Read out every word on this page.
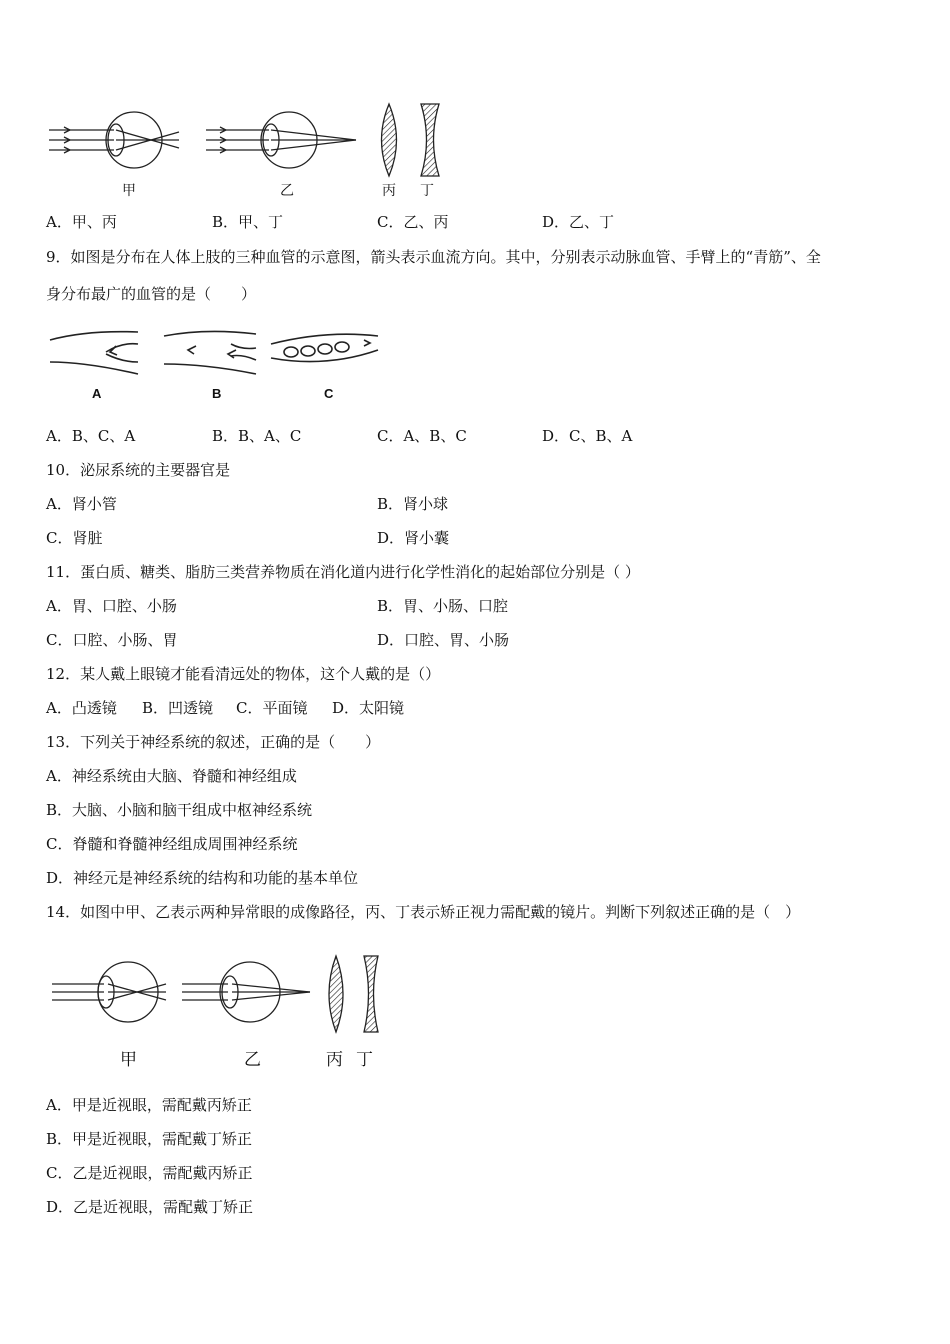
甲	乙	丙 丁
A．甲、丙	B．甲、丁	C．乙、丙	D．乙、丁
9．如图是分布在人体上肢的三种血管的示意图，箭头表示血流方向。其中，分别表示动脉血管、手臂上的“青筋”、全
身分布最广的血管的是（　　）
A	B	C
A．B、C、A	B．B、A、C	C．A、B、C	D．C、B、A
10．泌尿系统的主要器官是
A．肾小管	B．肾小球
C．肾脏	D．肾小囊
11．蛋白质、糖类、脂肪三类营养物质在消化道内进行化学性消化的起始部位分别是（ ）
A．胃、口腔、小肠	B．胃、小肠、口腔
C．口腔、小肠、胃	D．口腔、胃、小肠
12．某人戴上眼镜才能看清远处的物体，这个人戴的是（）
A．凸透镜 B．凹透镜 C．平面镜 D．太阳镜
13．下列关于神经系统的叙述，正确的是（　　）
A．神经系统由大脑、脊髓和神经组成
B．大脑、小脑和脑干组成中枢神经系统
C．脊髓和脊髓神经组成周围神经系统
D．神经元是神经系统的结构和功能的基本单位
14．如图中甲、乙表示两种异常眼的成像路径，丙、丁表示矫正视力需配戴的镜片。判断下列叙述正确的是（　）
甲	乙	丙 丁
A．甲是近视眼，需配戴丙矫正
B．甲是近视眼，需配戴丁矫正
C．乙是近视眼，需配戴丙矫正
D．乙是近视眼，需配戴丁矫正
